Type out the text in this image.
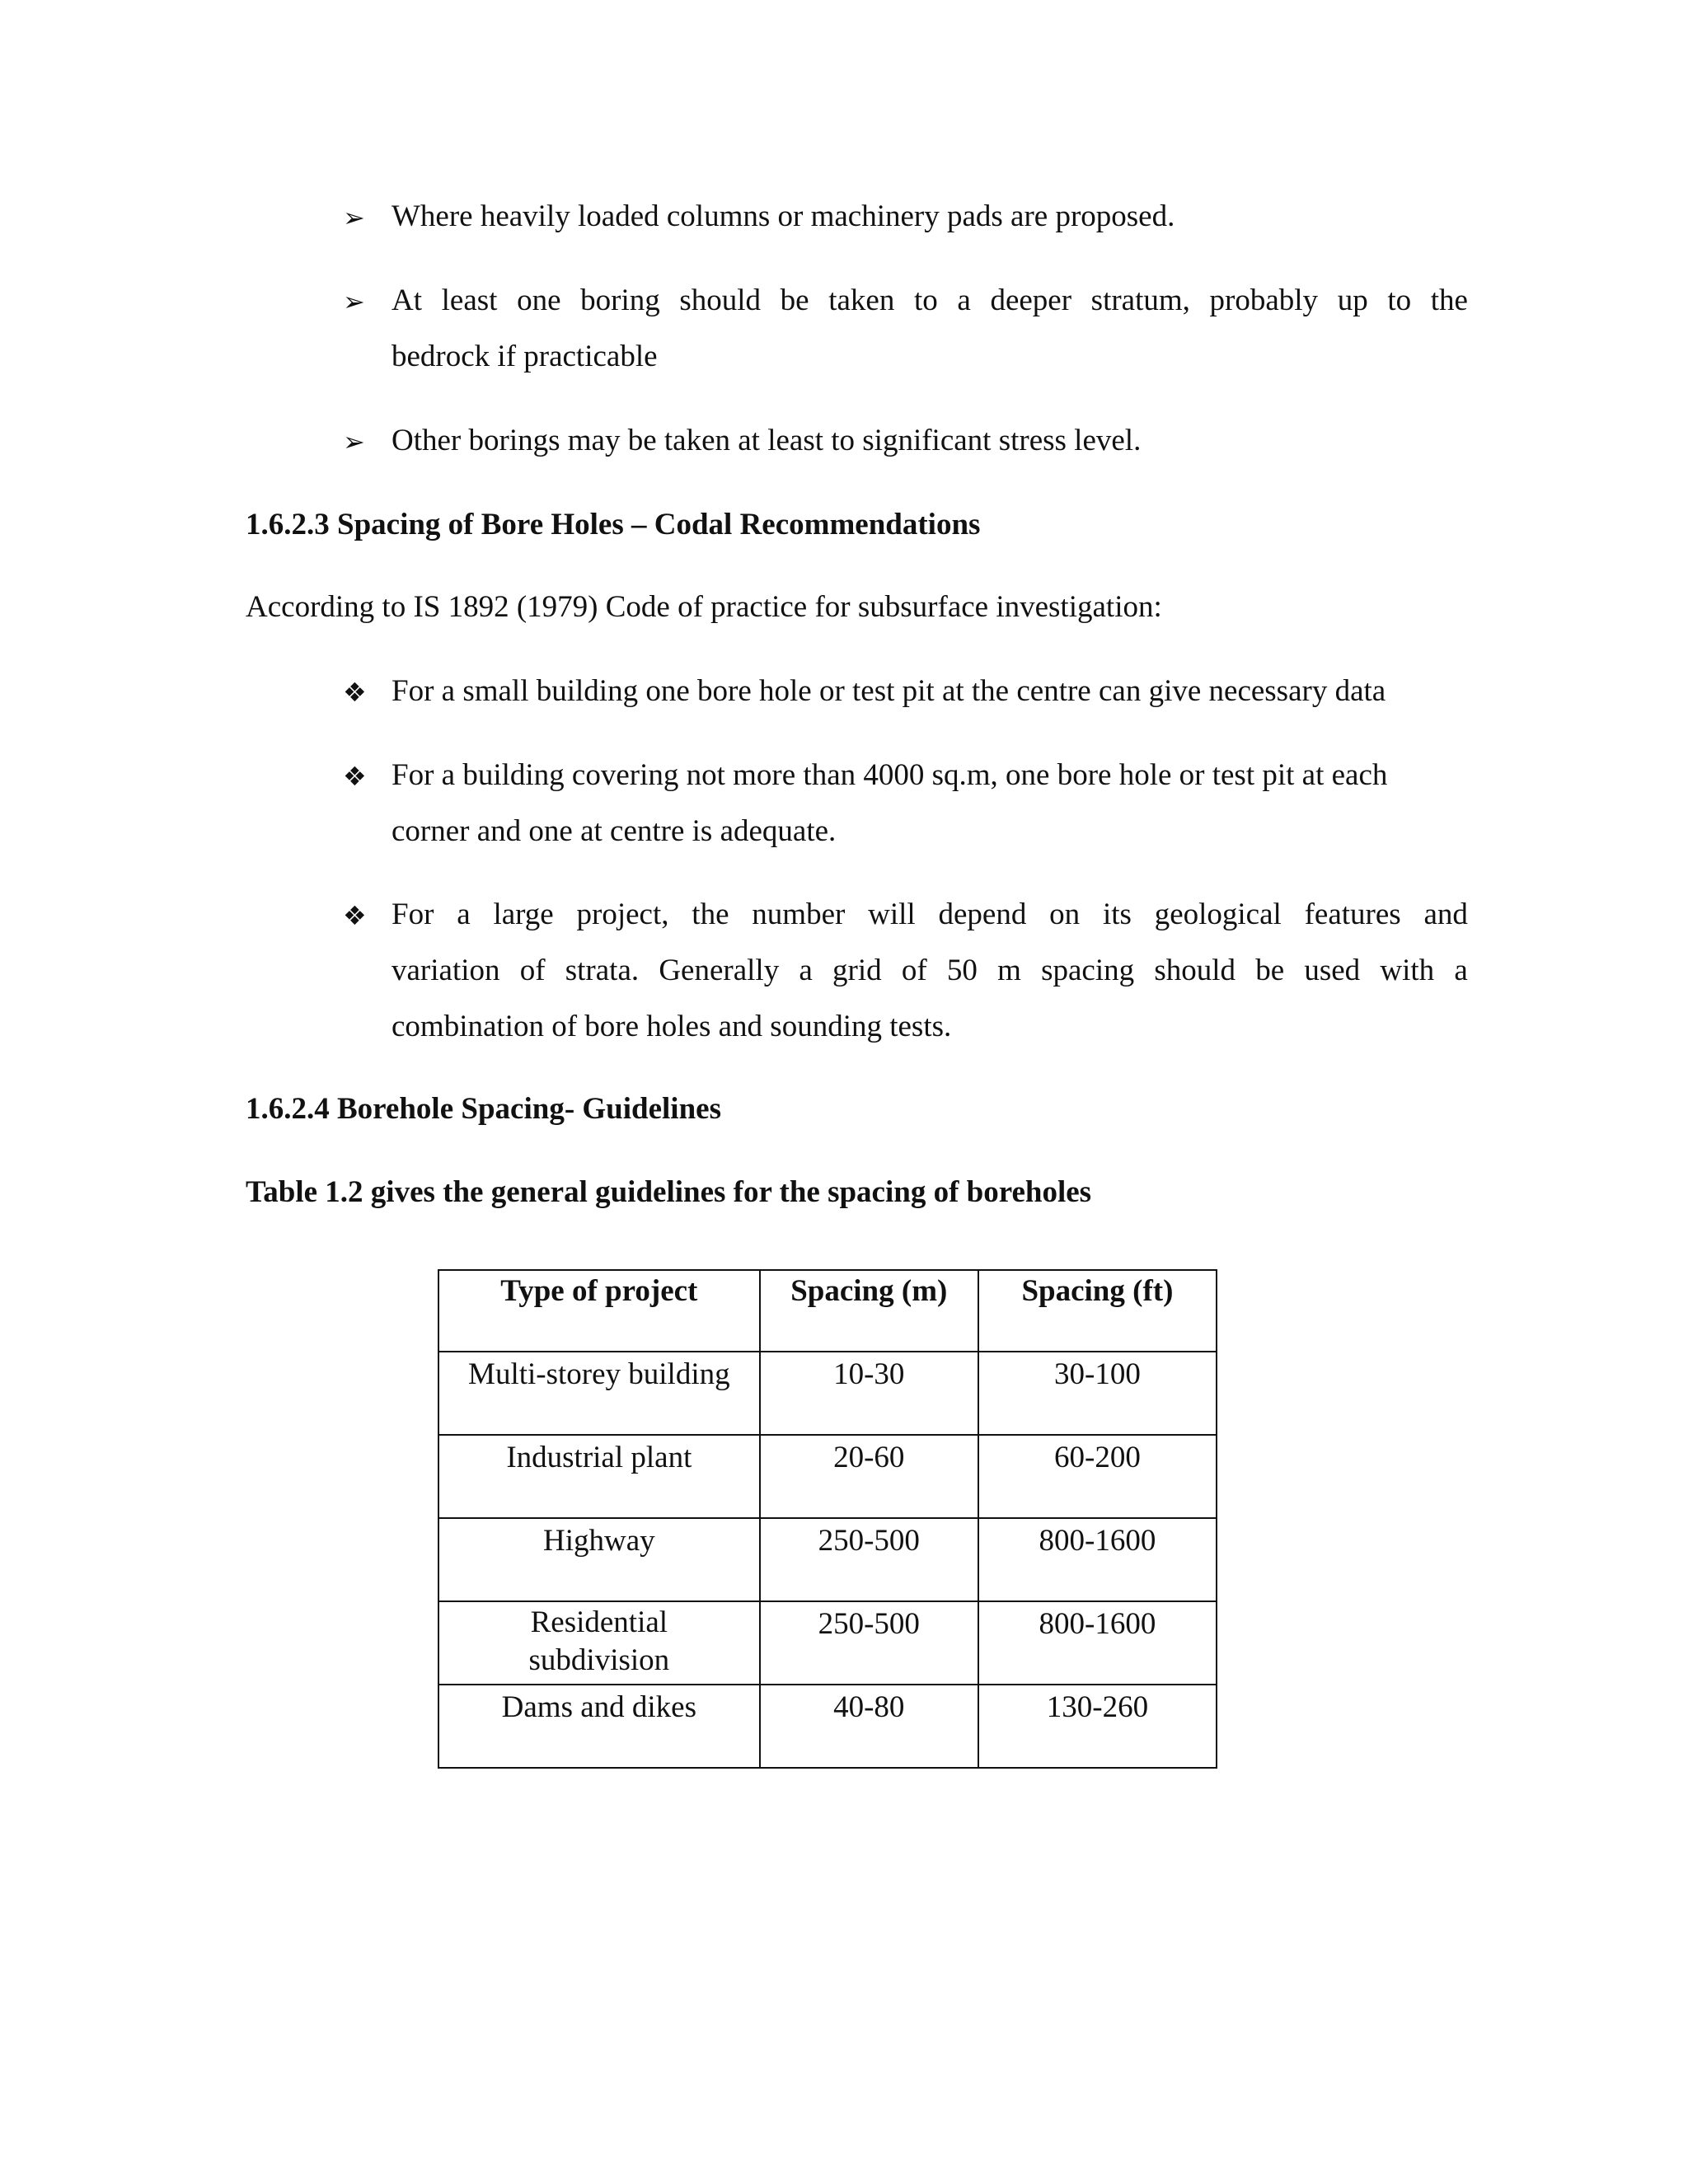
➢ Where heavily loaded columns or machinery pads are proposed.
➢ At least one boring should be taken to a deeper stratum, probably up to the
bedrock if practicable
➢ Other borings may be taken at least to significant stress level.
1.6.2.3 Spacing of Bore Holes – Codal Recommendations
According to IS 1892 (1979) Code of practice for subsurface investigation:
❖ For a small building one bore hole or test pit at the centre can give necessary data
❖ For a building covering not more than 4000 sq.m, one bore hole or test pit at each
corner and one at centre is adequate.
❖ For a large project, the number will depend on its geological features and
variation of strata. Generally a grid of 50 m spacing should be used with a
combination of bore holes and sounding tests.
1.6.2.4 Borehole Spacing- Guidelines
Table 1.2 gives the general guidelines for the spacing of boreholes
Type of project	Spacing (m)	Spacing (ft)
Multi-storey building	10-30	30-100
Industrial plant	20-60	60-200
Highway	250-500	800-1600
Residential subdivision	250-500	800-1600
Dams and dikes	40-80	130-260
